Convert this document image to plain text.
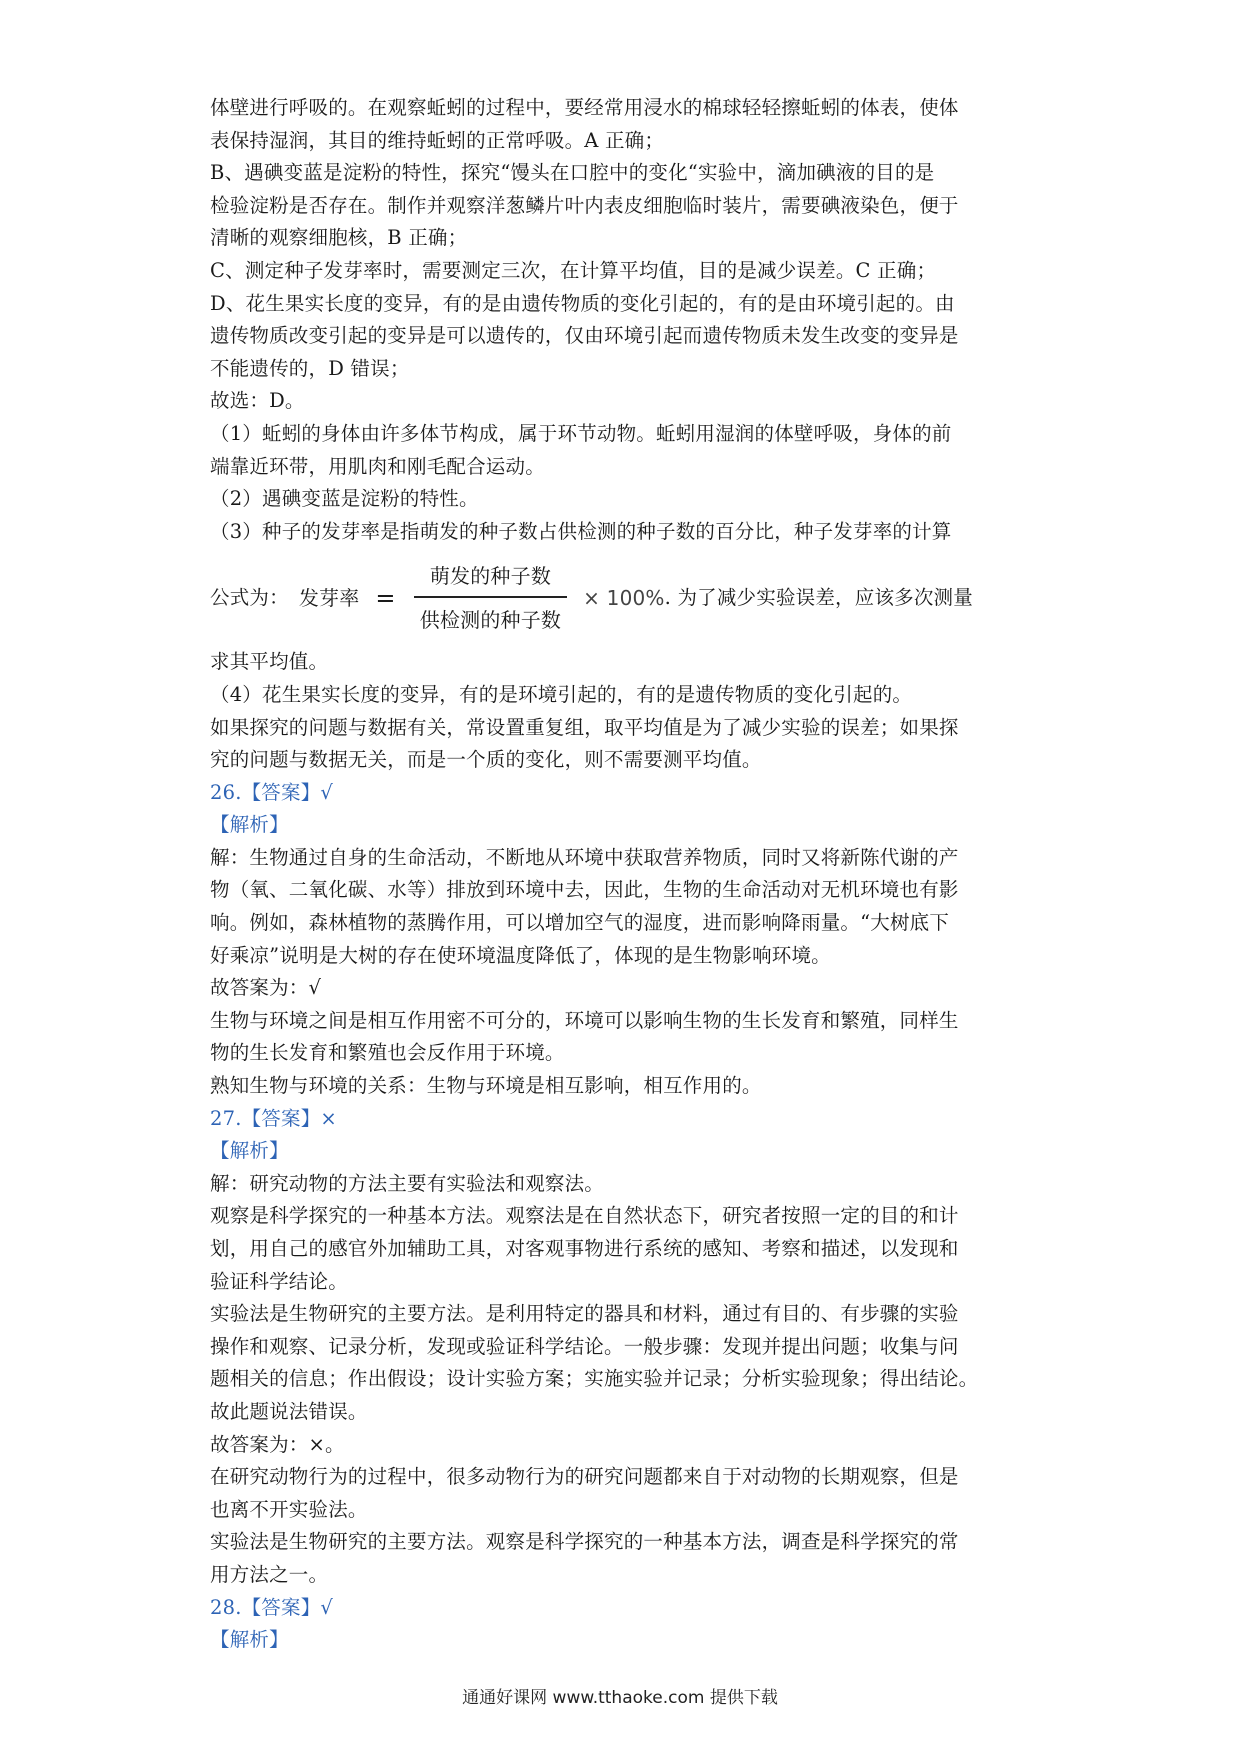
体壁进行呼吸的。在观察蚯蚓的过程中，要经常用浸水的棉球轻轻擦蚯蚓的体表，使体
表保持湿润，其目的维持蚯蚓的正常呼吸。A 正确；
B、遇碘变蓝是淀粉的特性，探究“馒头在口腔中的变化“实验中，滴加碘液的目的是
检验淀粉是否存在。制作并观察洋葱鳞片叶内表皮细胞临时装片，需要碘液染色，便于
清晰的观察细胞核，B 正确；
C、测定种子发芽率时，需要测定三次，在计算平均值，目的是减少误差。C 正确；
D、花生果实长度的变异，有的是由遗传物质的变化引起的，有的是由环境引起的。由
遗传物质改变引起的变异是可以遗传的，仅由环境引起而遗传物质未发生改变的变异是
不能遗传的，D 错误；
故选：D。
（1）蚯蚓的身体由许多体节构成，属于环节动物。蚯蚓用湿润的体壁呼吸，身体的前
端靠近环带，用肌肉和刚毛配合运动。
（2）遇碘变蓝是淀粉的特性。
（3）种子的发芽率是指萌发的种子数占供检测的种子数的百分比，种子发芽率的计算
公式为： 发芽率 = $\frac{\text{萌发的种子数}}{\text{供检测的种子数}} \times 100\%$ . 为了减少实验误差，应该多次测量
求其平均值。
（4）花生果实长度的变异，有的是环境引起的，有的是遗传物质的变化引起的。
如果探究的问题与数据有关，常设置重复组，取平均值是为了减少实验的误差；如果探
究的问题与数据无关，而是一个质的变化，则不需要测平均值。
26.【答案】√
【解析】
解：生物通过自身的生命活动，不断地从环境中获取营养物质，同时又将新陈代谢的产
物（氧、二氧化碳、水等）排放到环境中去，因此，生物的生命活动对无机环境也有影
响。例如，森林植物的蒸腾作用，可以增加空气的湿度，进而影响降雨量。“大树底下
好乘凉”说明是大树的存在使环境温度降低了，体现的是生物影响环境。
故答案为：√
生物与环境之间是相互作用密不可分的，环境可以影响生物的生长发育和繁殖，同样生
物的生长发育和繁殖也会反作用于环境。
熟知生物与环境的关系：生物与环境是相互影响，相互作用的。
27.【答案】×
【解析】
解：研究动物的方法主要有实验法和观察法。
观察是科学探究的一种基本方法。观察法是在自然状态下，研究者按照一定的目的和计
划，用自己的感官外加辅助工具，对客观事物进行系统的感知、考察和描述，以发现和
验证科学结论。
实验法是生物研究的主要方法。是利用特定的器具和材料，通过有目的、有步骤的实验
操作和观察、记录分析，发现或验证科学结论。一般步骤：发现并提出问题；收集与问
题相关的信息；作出假设；设计实验方案；实施实验并记录；分析实验现象；得出结论。
故此题说法错误。
故答案为：×。
在研究动物行为的过程中，很多动物行为的研究问题都来自于对动物的长期观察，但是
也离不开实验法。
实验法是生物研究的主要方法。观察是科学探究的一种基本方法，调查是科学探究的常
用方法之一。
28.【答案】√
【解析】
通通好课网 www.tthaoke.com 提供下载
